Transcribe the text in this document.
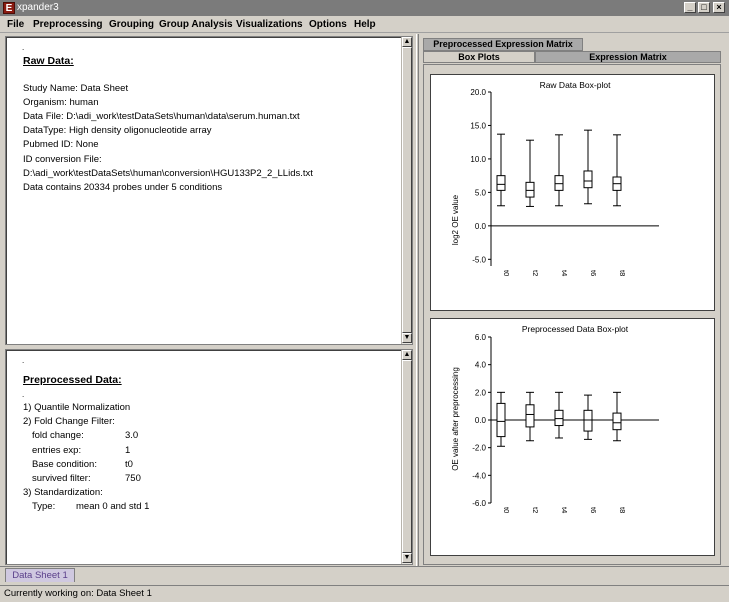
E xpander3	_ □	×
File Preprocessing Grouping Group Analysis Visualizations Options Help
.
Raw Data:
Study Name: Data Sheet
Organism: human
Data File: D:\adi_work\testDataSets\human\data\serum.human.txt
DataType: High density oligonucleotide array
Pubmed ID: None
ID conversion File:
D:\adi_work\testDataSets\human\conversion\HGU133P2_2_LLids.txt
Data contains 20334 probes under 5 conditions
▲
▼
.
Preprocessed Data:
.
1) Quantile Normalization
2) Fold Change Filter:
fold change:	3.0
entries exp:	1
Base condition:	t0
survived filter:	750
3) Standardization:
Type: mean 0 and std 1
▲
▼
Preprocessed Expression Matrix
Box Plots	Expression Matrix
Raw Data Box-plot
log2 OE value
20.0
15.0
10.0
5.0
0.0
-5.0
t0	t2	t4	t6	t8
Preprocessed Data Box-plot
OE value after preprocessing
6.0
4.0
2.0
0.0
-2.0
-4.0
-6.0
t0	t2	t4	t6	t8
Data Sheet 1
Currently working on: Data Sheet 1
